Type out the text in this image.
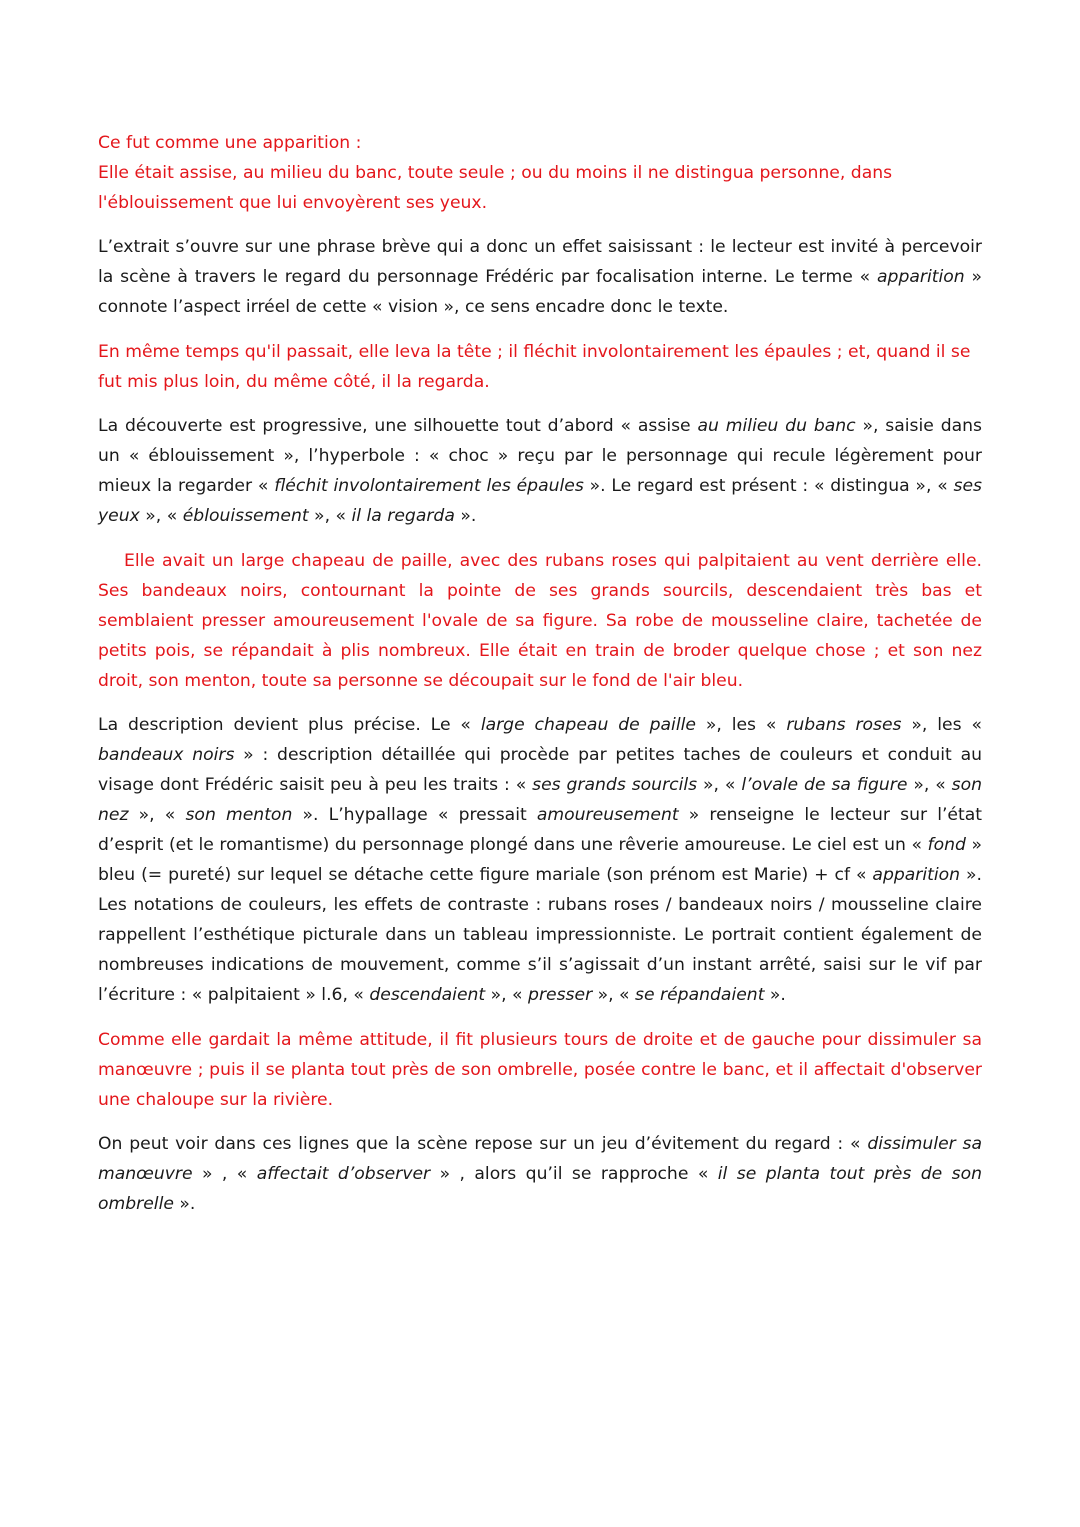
Ce fut comme une apparition :
Elle était assise, au milieu du banc, toute seule ; ou du moins il ne distingua personne, dans l'éblouissement que lui envoyèrent ses yeux.

L’extrait s’ouvre sur une phrase brève qui a donc un effet saisissant : le lecteur est invité à percevoir la scène à travers le regard du personnage Frédéric par focalisation interne. Le terme « apparition » connote l’aspect irréel de cette « vision », ce sens encadre donc le texte.

En même temps qu'il passait, elle leva la tête ; il fléchit involontairement les épaules ; et, quand il se fut mis plus loin, du même côté, il la regarda.

La découverte est progressive, une silhouette tout d’abord « assise au milieu du banc », saisie dans un « éblouissement », l’hyperbole : « choc » reçu par le personnage qui recule légèrement pour mieux la regarder « fléchit involontairement les épaules ». Le regard est présent : « distingua », « ses yeux », « éblouissement », « il la regarda ».

Elle avait un large chapeau de paille, avec des rubans roses qui palpitaient au vent derrière elle. Ses bandeaux noirs, contournant la pointe de ses grands sourcils, descendaient très bas et semblaient presser amoureusement l'ovale de sa figure. Sa robe de mousseline claire, tachetée de petits pois, se répandait à plis nombreux. Elle était en train de broder quelque chose ; et son nez droit, son menton, toute sa personne se découpait sur le fond de l'air bleu.

La description devient plus précise. Le « large chapeau de paille », les « rubans roses », les « bandeaux noirs » : description détaillée qui procède par petites taches de couleurs et conduit au visage dont Frédéric saisit peu à peu les traits : « ses grands sourcils », « l’ovale de sa figure », « son nez », « son menton ». L’hypallage « pressait amoureusement » renseigne le lecteur sur l’état d’esprit (et le romantisme) du personnage plongé dans une rêverie amoureuse. Le ciel est un « fond » bleu (= pureté) sur lequel se détache cette figure mariale (son prénom est Marie) + cf « apparition ». Les notations de couleurs, les effets de contraste : rubans roses / bandeaux noirs / mousseline claire rappellent l’esthétique picturale dans un tableau impressionniste. Le portrait contient également de nombreuses indications de mouvement, comme s’il s’agissait d’un instant arrêté, saisi sur le vif par l’écriture : « palpitaient » l.6, « descendaient », « presser », « se répandaient ».

Comme elle gardait la même attitude, il fit plusieurs tours de droite et de gauche pour dissimuler sa manœuvre ; puis il se planta tout près de son ombrelle, posée contre le banc, et il affectait d'observer une chaloupe sur la rivière.

On peut voir dans ces lignes que la scène repose sur un jeu d’évitement du regard : « dissimuler sa manœuvre » , « affectait d’observer » , alors qu’il se rapproche « il se planta tout près de son ombrelle ».
